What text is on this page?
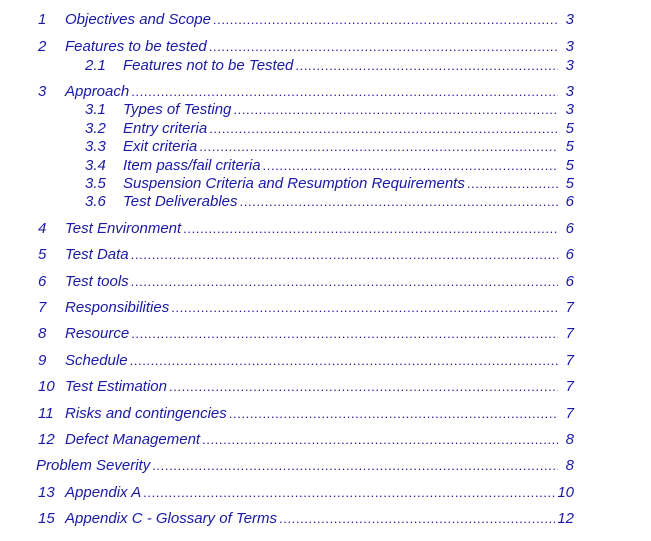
1	Objectives and Scope .....	3
2	Features to be tested .....	3
2.1	Features not to be Tested .....	3
3	Approach .....	3
3.1	Types of Testing .....	3
3.2	Entry criteria .....	5
3.3	Exit criteria .....	5
3.4	Item pass/fail criteria .....	5
3.5	Suspension Criteria and Resumption Requirements .....	5
3.6	Test Deliverables .....	6
4	Test Environment .....	6
5	Test Data .....	6
6	Test tools .....	6
7	Responsibilities .....	7
8	Resource .....	7
9	Schedule .....	7
10 Test Estimation .....	7
11 Risks and contingencies .....	7
12 Defect Management .....	8
Problem Severity .....	8
13 Appendix A .....	10
15 Appendix C - Glossary of Terms .....	12
